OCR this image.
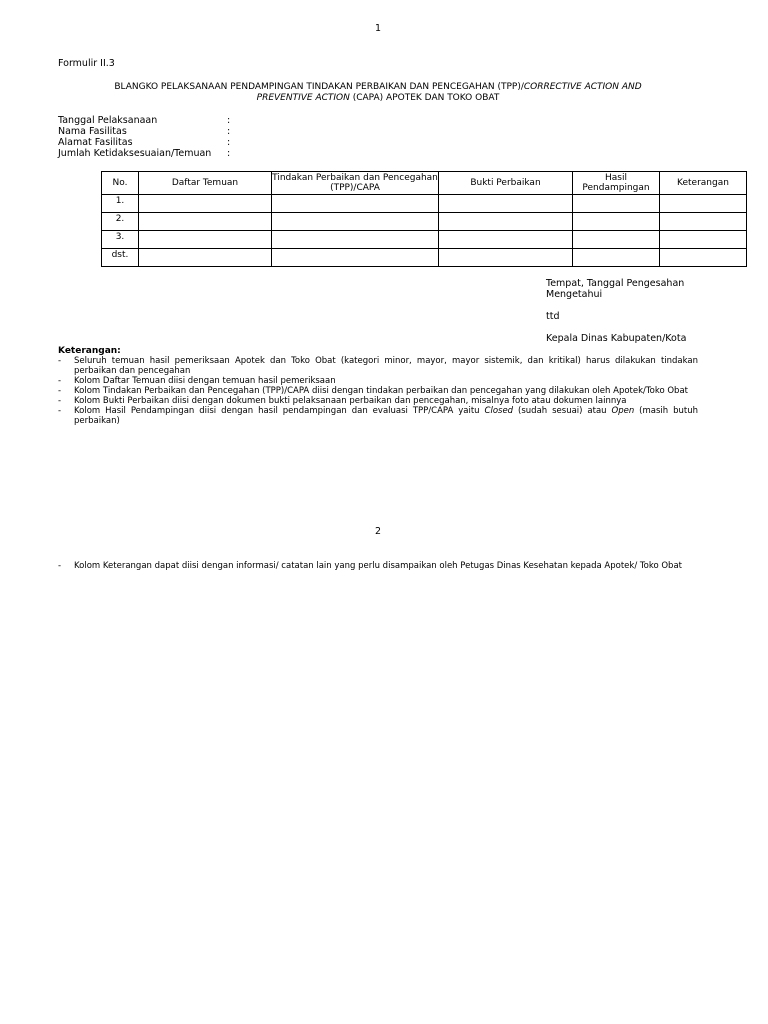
1
Formulir II.3
BLANGKO PELAKSANAAN PENDAMPINGAN TINDAKAN PERBAIKAN DAN PENCEGAHAN (TPP)/CORRECTIVE ACTION AND
PREVENTIVE ACTION (CAPA) APOTEK DAN TOKO OBAT
Tanggal Pelaksanaan	:
Nama Fasilitas	:
Alamat Fasilitas	:
Jumlah Ketidaksesuaian/Temuan :
No.	Daftar Temuan	Tindakan Perbaikan dan Pencegahan (TPP)/CAPA	Bukti Perbaikan	Hasil Pendampingan	Keterangan
1.					
2.					
3.					
dst.					
Tempat, Tanggal Pengesahan
Mengetahui
ttd
Kepala Dinas Kabupaten/Kota
Keterangan:
- Seluruh temuan hasil pemeriksaan Apotek dan Toko Obat (kategori minor, mayor, mayor sistemik, dan kritikal) harus dilakukan tindakan perbaikan dan pencegahan
- Kolom Daftar Temuan diisi dengan temuan hasil pemeriksaan
- Kolom Tindakan Perbaikan dan Pencegahan (TPP)/CAPA diisi dengan tindakan perbaikan dan pencegahan yang dilakukan oleh Apotek/Toko Obat
- Kolom Bukti Perbaikan diisi dengan dokumen bukti pelaksanaan perbaikan dan pencegahan, misalnya foto atau dokumen lainnya
- Kolom Hasil Pendampingan diisi dengan hasil pendampingan dan evaluasi TPP/CAPA yaitu Closed (sudah sesuai) atau Open (masih butuh perbaikan)
2
- Kolom Keterangan dapat diisi dengan informasi/ catatan lain yang perlu disampaikan oleh Petugas Dinas Kesehatan kepada Apotek/ Toko Obat
